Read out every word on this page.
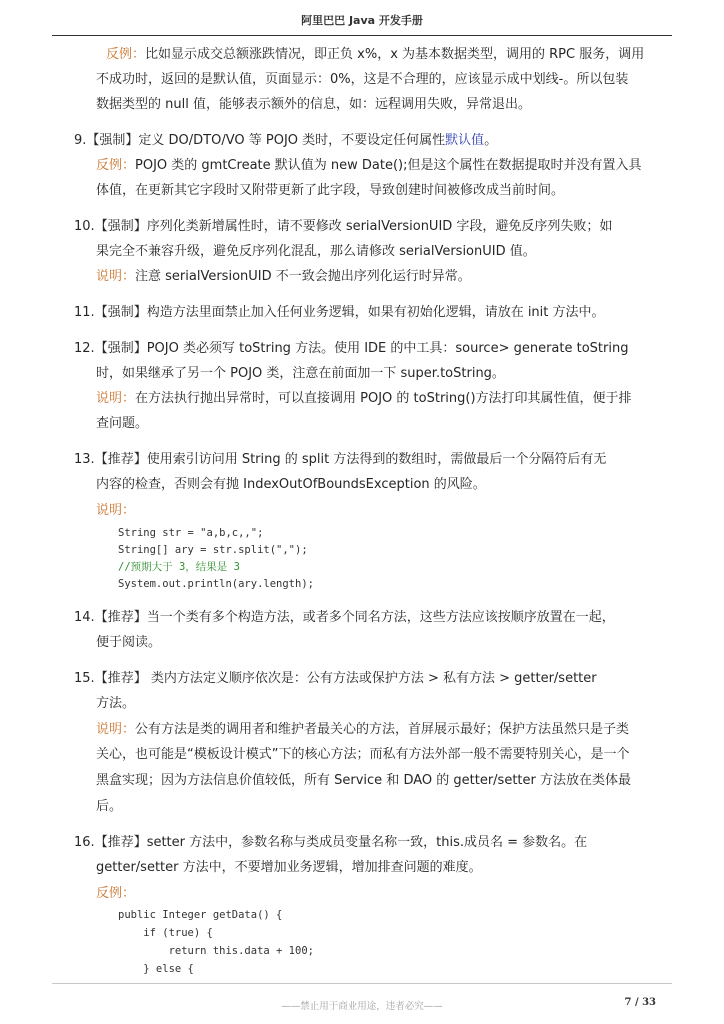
阿里巴巴 Java 开发手册
反例：比如显示成交总额涨跌情况，即正负 x%，x 为基本数据类型，调用的 RPC 服务，调用
不成功时，返回的是默认值，页面显示：0%，这是不合理的，应该显示成中划线-。所以包装
数据类型的 null 值，能够表示额外的信息，如：远程调用失败，异常退出。
9.【强制】定义 DO/DTO/VO 等 POJO 类时，不要设定任何属性默认值。
反例：POJO 类的 gmtCreate 默认值为 new Date();但是这个属性在数据提取时并没有置入具
体值，在更新其它字段时又附带更新了此字段，导致创建时间被修改成当前时间。
10.【强制】序列化类新增属性时，请不要修改 serialVersionUID 字段，避免反序列失败；如
果完全不兼容升级，避免反序列化混乱，那么请修改 serialVersionUID 值。
说明：注意 serialVersionUID 不一致会抛出序列化运行时异常。
11.【强制】构造方法里面禁止加入任何业务逻辑，如果有初始化逻辑，请放在 init 方法中。
12.【强制】POJO 类必须写 toString 方法。使用 IDE 的中工具：source> generate toString
时，如果继承了另一个 POJO 类，注意在前面加一下 super.toString。
说明：在方法执行抛出异常时，可以直接调用 POJO 的 toString()方法打印其属性值，便于排
查问题。
13.【推荐】使用索引访问用 String 的 split 方法得到的数组时，需做最后一个分隔符后有无
内容的检查，否则会有抛 IndexOutOfBoundsException 的风险。
说明：
String str = "a,b,c,,";
String[] ary = str.split(",");
//预期大于 3，结果是 3
System.out.println(ary.length);
14.【推荐】当一个类有多个构造方法，或者多个同名方法，这些方法应该按顺序放置在一起，
便于阅读。
15.【推荐】 类内方法定义顺序依次是：公有方法或保护方法 > 私有方法 > getter/setter
方法。
说明：公有方法是类的调用者和维护者最关心的方法，首屏展示最好；保护方法虽然只是子类
关心，也可能是“模板设计模式”下的核心方法；而私有方法外部一般不需要特别关心，是一个
黑盒实现；因为方法信息价值较低，所有 Service 和 DAO 的 getter/setter 方法放在类体最
后。
16.【推荐】setter 方法中，参数名称与类成员变量名称一致，this.成员名 = 参数名。在
getter/setter 方法中，不要增加业务逻辑，增加排查问题的难度。
反例：
public Integer getData() {
if (true) {
return this.data + 100;
} else {
——禁止用于商业用途，违者必究——	7 / 33
